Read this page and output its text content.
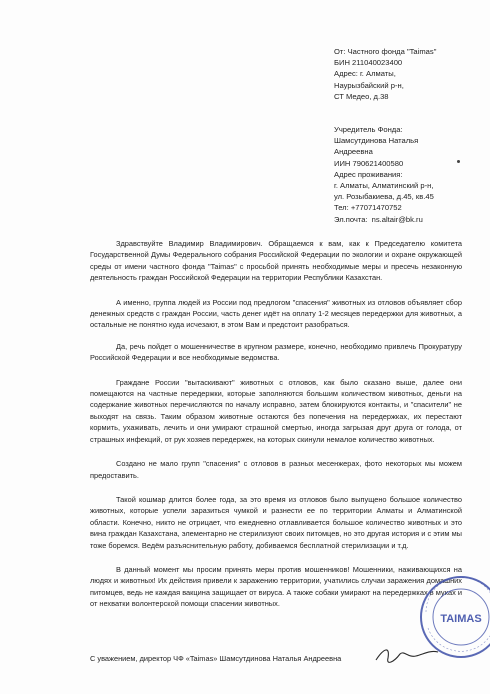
От: Частного фонда "Taimas"
БИН 211040023400
Адрес: г. Алматы,
Наурызбайский р-н,
СТ Медео, д.38
Учредитель Фонда:
Шамсутдинова Наталья
Андреевна
ИИН 790621400580
Адрес проживания:
г. Алматы, Алматинский р-н,
ул. Розыбакиева, д.45, кв.45
Тел: +77071470752
Эл.почта: ns.altair@bk.ru

Здравствуйте Владимир Владимирович. Обращаемся к вам, как к Председателю комитета Государственной Думы Федерального собрания Российской Федерации по экологии и охране окружающей среды от имени частного фонда "Taimas" с просьбой принять необходимые меры и пресечь незаконную деятельность граждан Российской Федерации на территории Республики Казахстан.

А именно, группа людей из России под предлогом "спасения" животных из отловов объявляет сбор денежных средств с граждан России, часть денег идёт на оплату 1-2 месяцев передержки для животных, а остальные не понятно куда исчезают, в этом Вам и предстоит разобраться.

Да, речь пойдет о мошенничестве в крупном размере, конечно, необходимо привлечь Прокуратуру Российской Федерации и все необходимые ведомства.

Граждане России "вытаскивают" животных с отловов, как было сказано выше, далее они помещаются на частные передержки, которые заполняются большим количеством животных, деньги на содержание животных перечисляются по началу исправно, затем блокируются контакты, и "спасители" не выходят на связь. Таким образом животные остаются без попечения на передержках, их перестают кормить, ухаживать, лечить и они умирают страшной смертью, иногда загрызая друг друга от голода, от страшных инфекций, от рук хозяев передержек, на которых скинули немалое количество животных.

Создано не мало групп "спасения" с отловов в разных месенжерах, фото некоторых мы можем предоставить.

Такой кошмар длится более года, за это время из отловов было выпущено большое количество животных, которые успели заразиться чумкой и разнести ее по территории Алматы и Алматинской области. Конечно, никто не отрицает, что ежедневно отлавливается большое количество животных и это вина граждан Казахстана, элементарно не стерилизуют своих питомцев, но это другая история и с этим мы тоже боремся. Ведём разъяснительную работу, добиваемся бесплатной стерилизации и т.д.

В данный момент мы просим принять меры против мошенников! Мошенники, наживающихся на людях и животных! Их действия привели к заражению территории, учатились случаи заражения домашних питомцев, ведь не каждая вакцина защищает от вируса. А также собаки умирают на передержках в муках и от нехватки волонтерской помощи спасении животных.

С уважением, директор ЧФ «Taimas» Шамсутдинова Наталья Андреевна
TAIMAS
